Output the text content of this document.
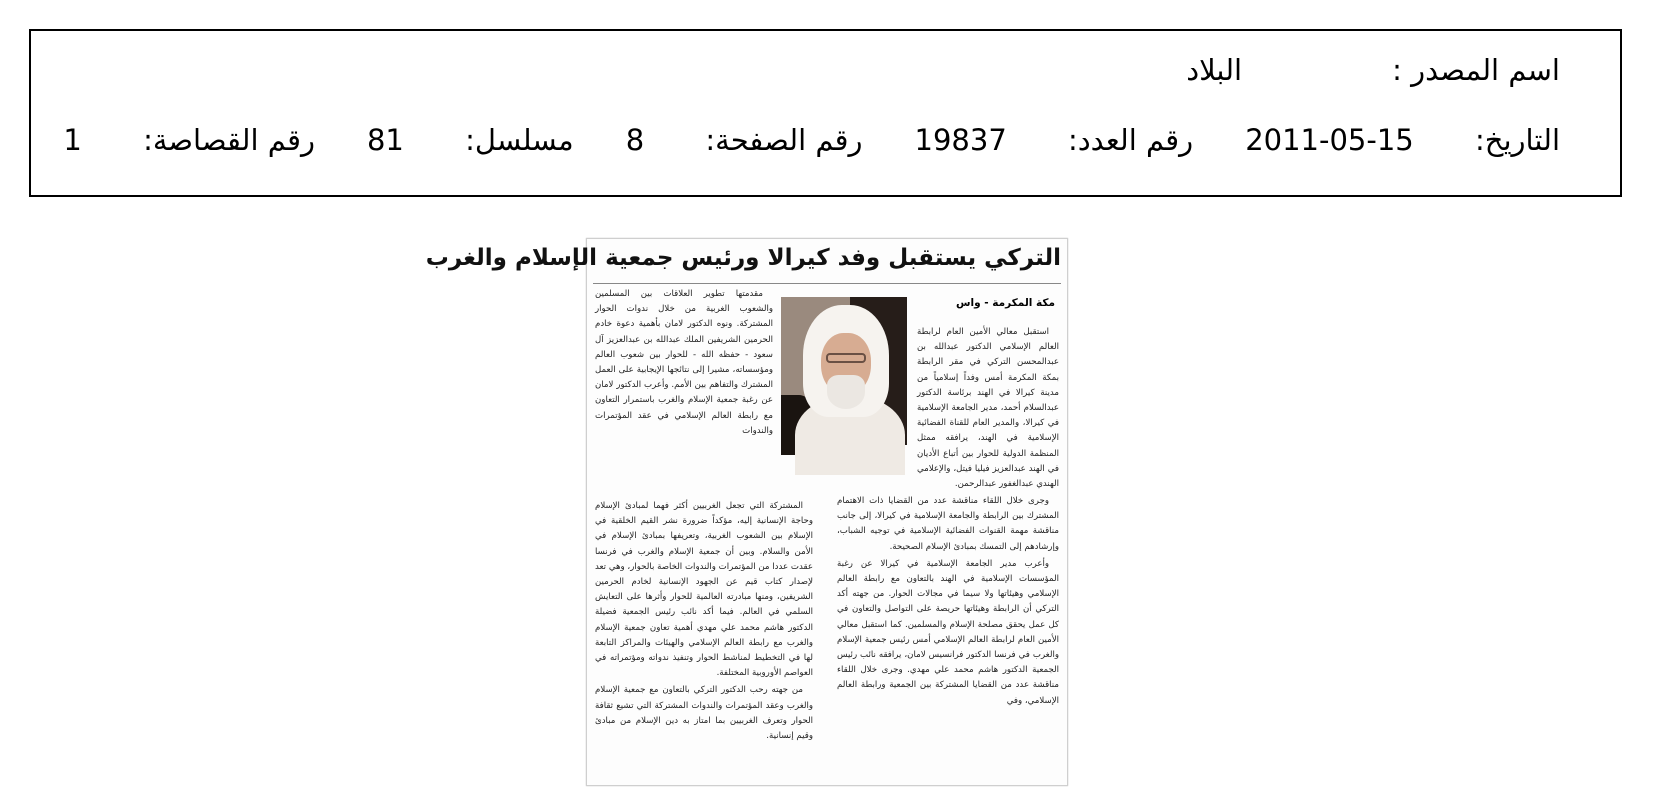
اسم المصدر :البلاد
التاريخ: 2011-05-15رقم العدد: 19837رقم الصفحة: 8مسلسل: 81رقم القصاصة: 1
التركي يستقبل وفد كيرالا ورئيس جمعية الإسلام والغرب
مكة المكرمة - واس

استقبل معالي الأمين العام لرابطة العالم الإسلامي الدكتور عبدالله بن عبدالمحسن التركي في مقر الرابطة بمكة المكرمة أمس وفداً إسلامياً من مدينة كيرالا في الهند برئاسة الدكتور عبدالسلام أحمد، مدير الجامعة الإسلامية في كيرالا، والمدير العام للقناة الفضائية الإسلامية في الهند، يرافقه ممثل المنظمة الدولية للحوار بين أتباع الأديان في الهند عبدالعزيز فيليا فيتل، والإعلامي الهندي عبدالغفور عبدالرحمن.

مقدمتها تطوير العلاقات بين المسلمين والشعوب الغربية من خلال ندوات الحوار المشتركة. ونوه الدكتور لامان بأهمية دعوة خادم الحرمين الشريفين الملك عبدالله بن عبدالعزيز آل سعود - حفظه الله - للحوار بين شعوب العالم ومؤسساته، مشيرا إلى نتائجها الإيجابية على العمل المشترك والتفاهم بين الأمم. وأعرب الدكتور لامان عن رغبة جمعية الإسلام والغرب باستمرار التعاون مع رابطة العالم الإسلامي في عقد المؤتمرات والندوات

المشتركة التي تجعل الغربيين أكثر فهما لمبادئ الإسلام وحاجة الإنسانية إليه، مؤكداً ضرورة نشر القيم الخلقية في الإسلام بين الشعوب الغربية، وتعريفها بمبادئ الإسلام في الأمن والسلام. وبين أن جمعية الإسلام والغرب في فرنسا عقدت عددا من المؤتمرات والندوات الخاصة بالحوار، وهي تعد لإصدار كتاب قيم عن الجهود الإنسانية لخادم الحرمين الشريفين، ومنها مبادرته العالمية للحوار وأثرها على التعايش السلمي في العالم. فيما أكد نائب رئيس الجمعية فضيلة الدكتور هاشم محمد علي مهدي أهمية تعاون جمعية الإسلام والغرب مع رابطة العالم الإسلامي والهيئات والمراكز التابعة لها في التخطيط لمناشط الحوار وتنفيذ ندواته ومؤتمراته في العواصم الأوروبية المختلفة.

من جهته رحب الدكتور التركي بالتعاون مع جمعية الإسلام والغرب وعقد المؤتمرات والندوات المشتركة التي تشيع ثقافة الحوار وتعرف الغربيين بما امتاز به دين الإسلام من مبادئ وقيم إنسانية.

وجرى خلال اللقاء مناقشة عدد من القضايا ذات الاهتمام المشترك بين الرابطة والجامعة الإسلامية في كيرالا، إلى جانب مناقشة مهمة القنوات الفضائية الإسلامية في توجيه الشباب، وإرشادهم إلى التمسك بمبادئ الإسلام الصحيحة.

وأعرب مدير الجامعة الإسلامية في كيرالا عن رغبة المؤسسات الإسلامية في الهند بالتعاون مع رابطة العالم الإسلامي وهيئاتها ولا سيما في مجالات الحوار. من جهته أكد التركي أن الرابطة وهيئاتها حريصة على التواصل والتعاون في كل عمل يحقق مصلحة الإسلام والمسلمين. كما استقبل معالي الأمين العام لرابطة العالم الإسلامي أمس رئيس جمعية الإسلام والغرب في فرنسا الدكتور فرانسيس لامان، يرافقه نائب رئيس الجمعية الدكتور هاشم محمد علي مهدي. وجرى خلال اللقاء مناقشة عدد من القضايا المشتركة بين الجمعية ورابطة العالم الإسلامي، وفي
